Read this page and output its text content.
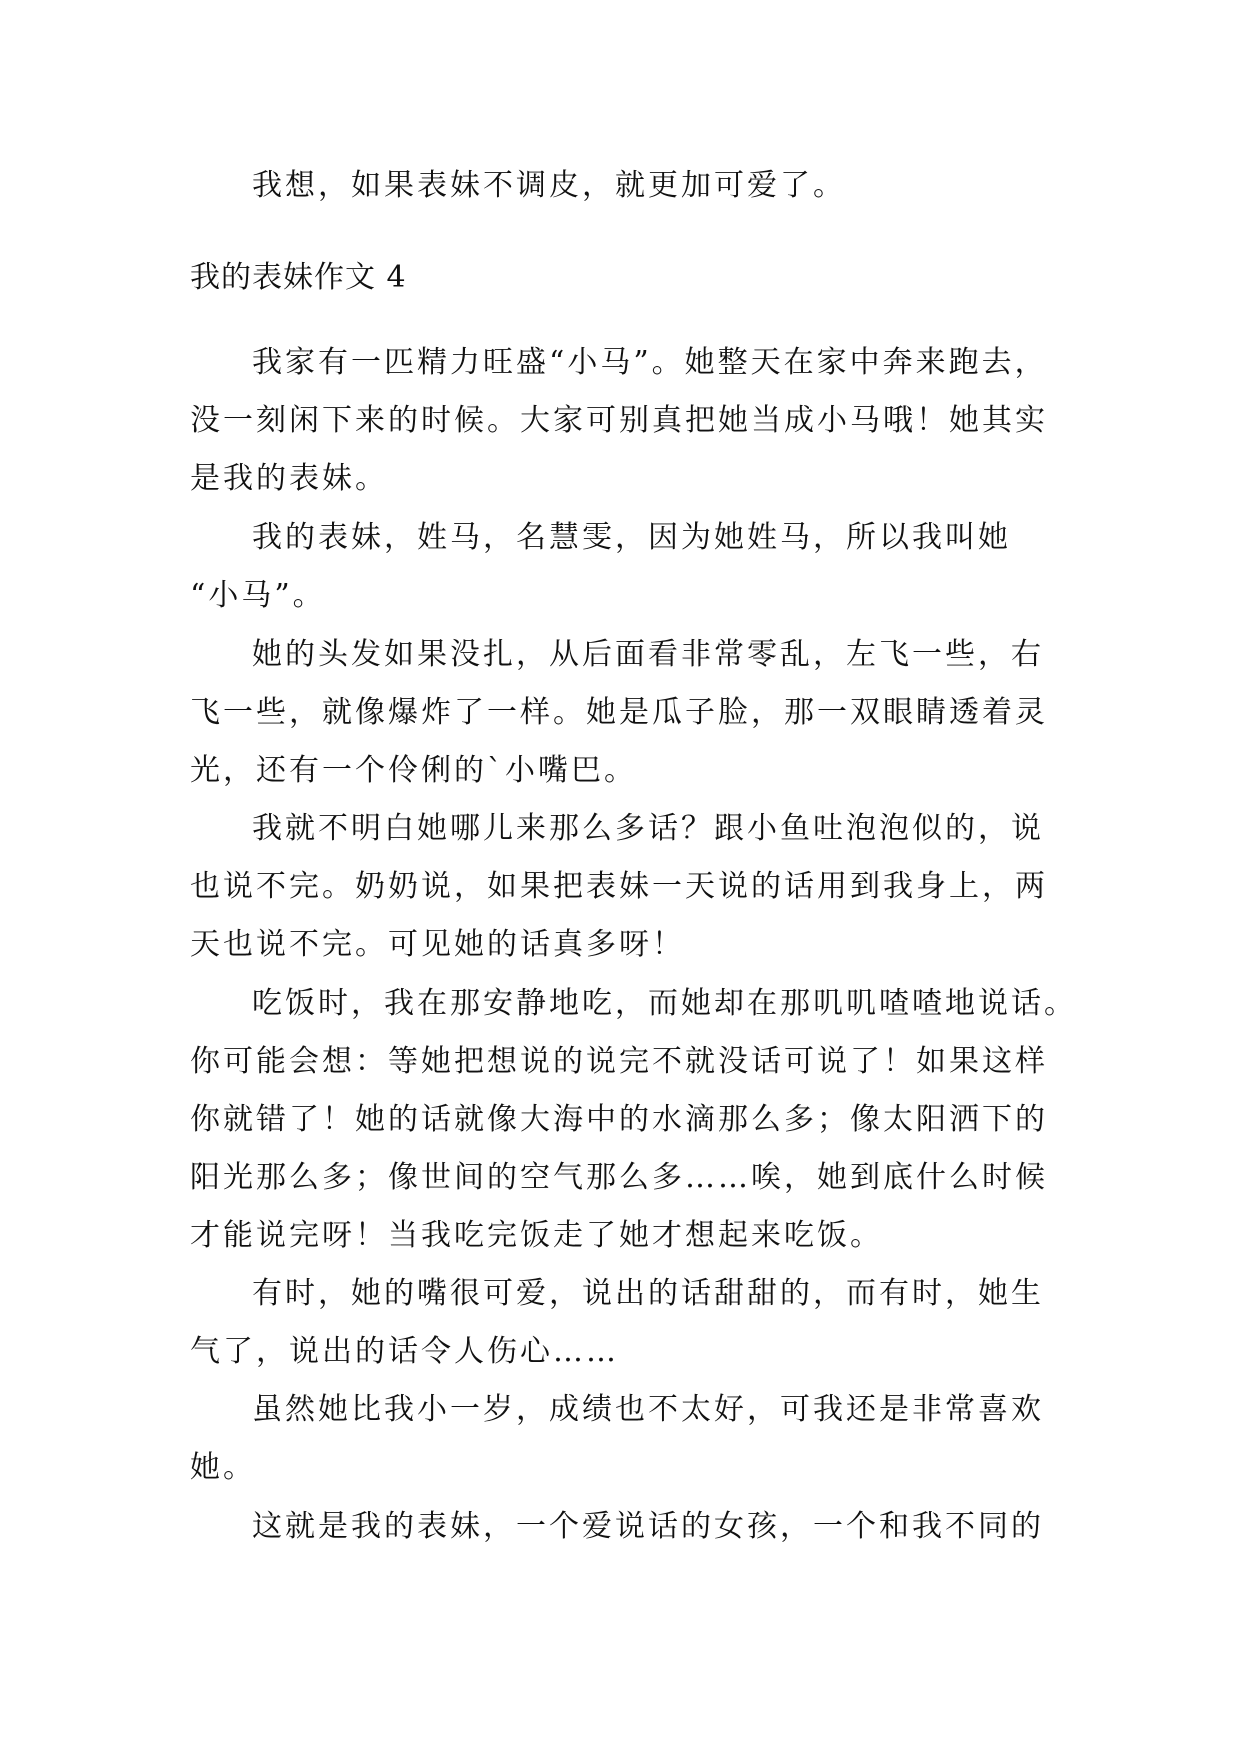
我想，如果表妹不调皮，就更加可爱了。
我的表妹作文 4
我家有一匹精力旺盛“小马”。她整天在家中奔来跑去，
没一刻闲下来的时候。大家可别真把她当成小马哦！她其实
是我的表妹。
我的表妹，姓马，名慧雯，因为她姓马，所以我叫她
“小马”。
她的头发如果没扎，从后面看非常零乱，左飞一些，右
飞一些，就像爆炸了一样。她是瓜子脸，那一双眼睛透着灵
光，还有一个伶俐的`小嘴巴。
我就不明白她哪儿来那么多话？跟小鱼吐泡泡似的，说
也说不完。奶奶说，如果把表妹一天说的话用到我身上，两
天也说不完。可见她的话真多呀！
吃饭时，我在那安静地吃，而她却在那叽叽喳喳地说话。
你可能会想：等她把想说的说完不就没话可说了！如果这样
你就错了！她的话就像大海中的水滴那么多；像太阳洒下的
阳光那么多；像世间的空气那么多……唉，她到底什么时候
才能说完呀！当我吃完饭走了她才想起来吃饭。
有时，她的嘴很可爱，说出的话甜甜的，而有时，她生
气了，说出的话令人伤心……
虽然她比我小一岁，成绩也不太好，可我还是非常喜欢
她。
这就是我的表妹，一个爱说话的女孩，一个和我不同的
